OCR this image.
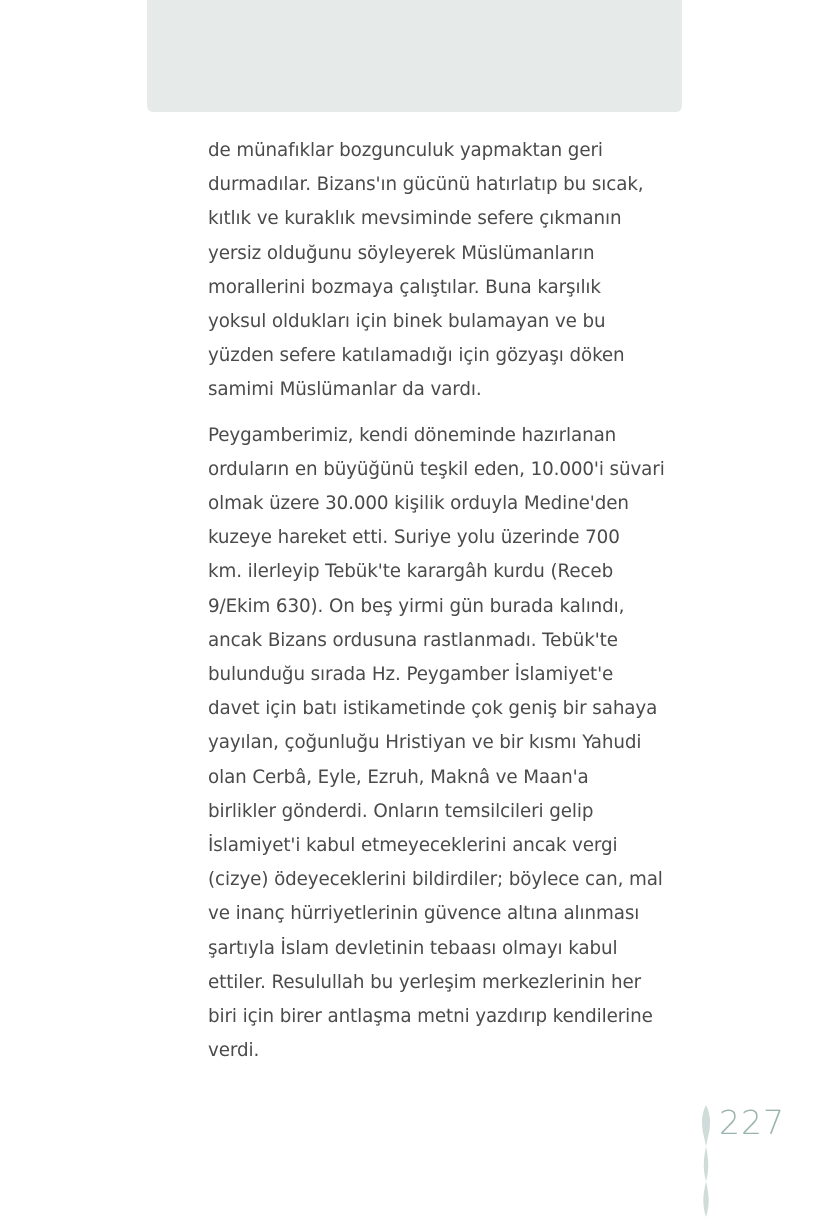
de münafıklar bozgunculuk yapmaktan geri
durmadılar. Bizans'ın gücünü hatırlatıp bu sıcak,
kıtlık ve kuraklık mevsiminde sefere çıkmanın
yersiz olduğunu söyleyerek Müslümanların
morallerini bozmaya çalıştılar. Buna karşılık
yoksul oldukları için binek bulamayan ve bu
yüzden sefere katılamadığı için gözyaşı döken
samimi Müslümanlar da vardı.

Peygamberimiz, kendi döneminde hazırlanan
orduların en büyüğünü teşkil eden, 10.000'i süvari
olmak üzere 30.000 kişilik orduyla Medine'den
kuzeye hareket etti. Suriye yolu üzerinde 700
km. ilerleyip Tebük'te karargâh kurdu (Receb
9/Ekim 630). On beş yirmi gün burada kalındı,
ancak Bizans ordusuna rastlanmadı. Tebük'te
bulunduğu sırada Hz. Peygamber İslamiyet'e
davet için batı istikametinde çok geniş bir sahaya
yayılan, çoğunluğu Hristiyan ve bir kısmı Yahudi
olan Cerbâ, Eyle, Ezruh, Maknâ ve Maan'a
birlikler gönderdi. Onların temsilcileri gelip
İslamiyet'i kabul etmeyeceklerini ancak vergi
(cizye) ödeyeceklerini bildirdiler; böylece can, mal
ve inanç hürriyetlerinin güvence altına alınması
şartıyla İslam devletinin tebaası olmayı kabul
ettiler. Resulullah bu yerleşim merkezlerinin her
biri için birer antlaşma metni yazdırıp kendilerine
verdi.

227
